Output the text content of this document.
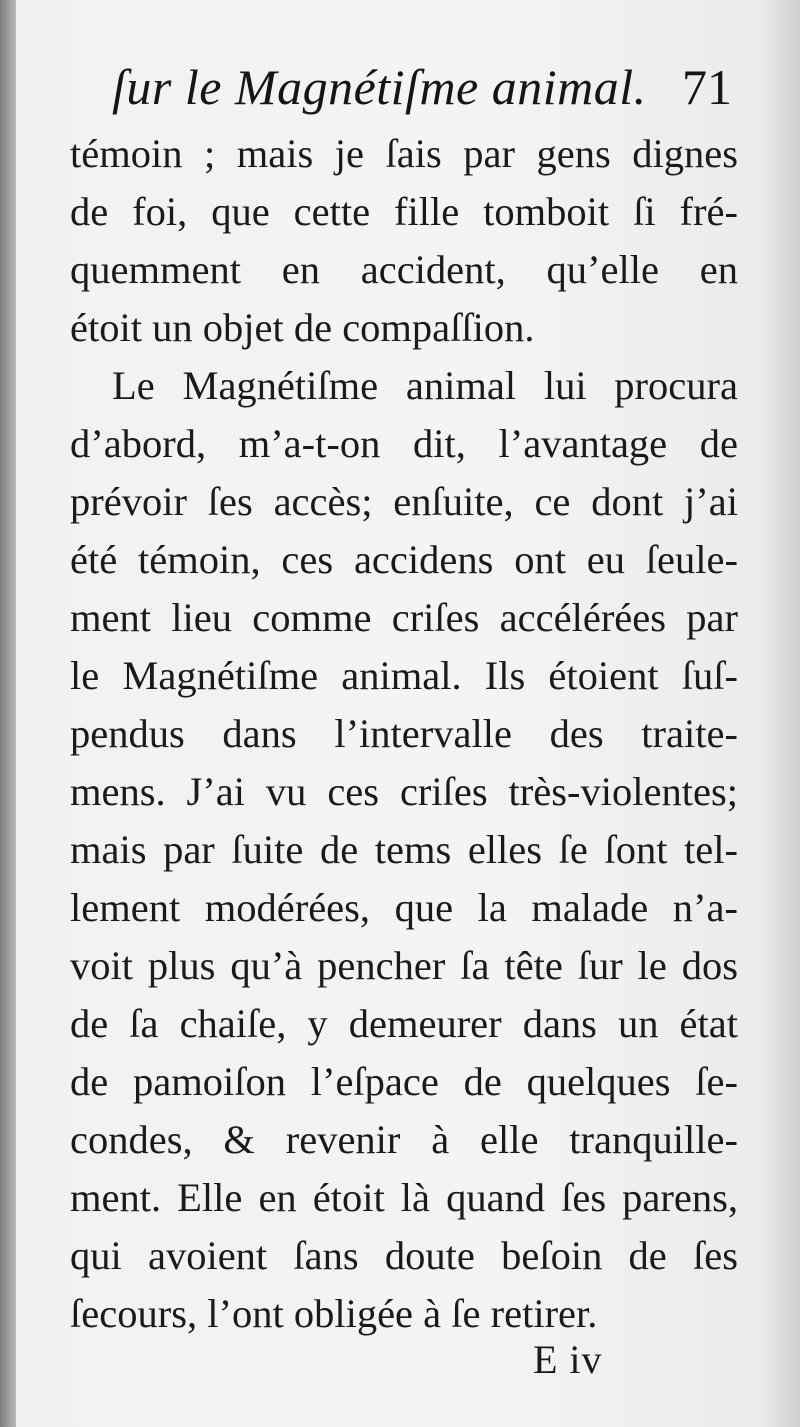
ſur le Magnétiſme animal. 71
témoin ; mais je ſais par gens dignes
de foi, que cette fille tomboit ſi fré-
quemment en accident, qu’elle en
étoit un objet de compaſſion.
Le Magnétiſme animal lui procura
d’abord, m’a-t-on dit, l’avantage de
prévoir ſes accès; enſuite, ce dont j’ai
été témoin, ces accidens ont eu ſeule-
ment lieu comme criſes accélérées par
le Magnétiſme animal. Ils étoient ſuſ-
pendus dans l’intervalle des traite-
mens. J’ai vu ces criſes très-violentes;
mais par ſuite de tems elles ſe ſont tel-
lement modérées, que la malade n’a-
voit plus qu’à pencher ſa tête ſur le dos
de ſa chaiſe, y demeurer dans un état
de pamoiſon l’eſpace de quelques ſe-
condes, & revenir à elle tranquille-
ment. Elle en étoit là quand ſes parens,
qui avoient ſans doute beſoin de ſes
ſecours, l’ont obligée à ſe retirer.
E iv
